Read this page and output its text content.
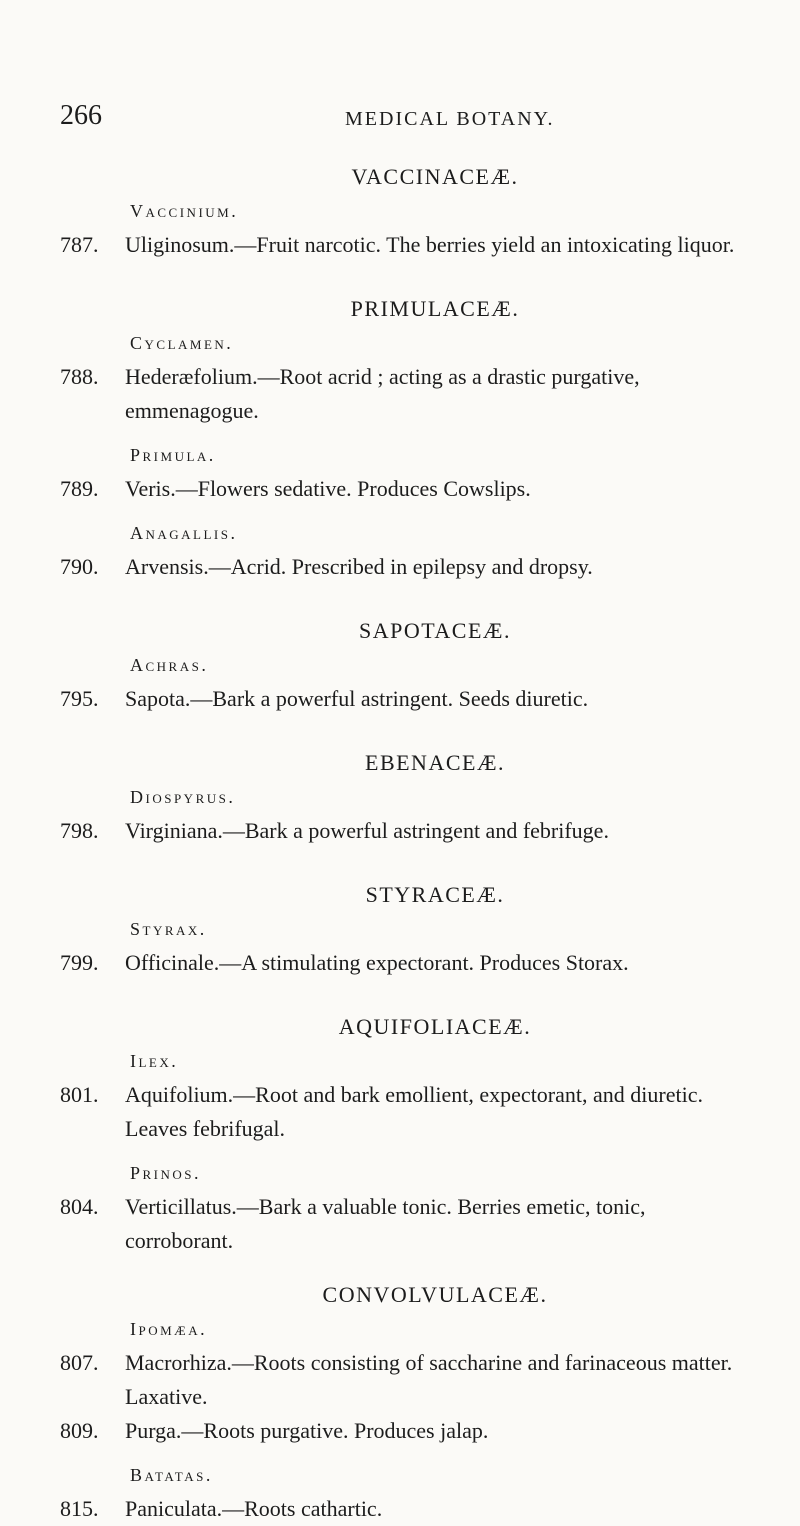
266	MEDICAL BOTANY.

VACCINACEÆ.

Vaccinium.

787. Uliginosum.—Fruit narcotic. The berries yield an intoxicating liquor.

PRIMULACEÆ.

Cyclamen.

788. Hederæfolium.—Root acrid ; acting as a drastic purgative, emmenagogue.

Primula.

789. Veris.—Flowers sedative. Produces Cowslips.

Anagallis.

790. Arvensis.—Acrid. Prescribed in epilepsy and dropsy.

SAPOTACEÆ.

Achras.

795. Sapota.—Bark a powerful astringent. Seeds diuretic.

EBENACEÆ.

Diospyrus.

798. Virginiana.—Bark a powerful astringent and febrifuge.

STYRACEÆ.

Styrax.

799. Officinale.—A stimulating expectorant. Produces Storax.

AQUIFOLIACEÆ.

Ilex.

801. Aquifolium.—Root and bark emollient, expectorant, and diuretic. Leaves febrifugal.

Prinos.

804. Verticillatus.—Bark a valuable tonic. Berries emetic, tonic, corroborant.

CONVOLVULACEÆ.

Ipomæa.

807. Macrorhiza.—Roots consisting of saccharine and farinaceous matter. Laxative.

809. Purga.—Roots purgative. Produces jalap.

Batatas.

815. Paniculata.—Roots cathartic.
